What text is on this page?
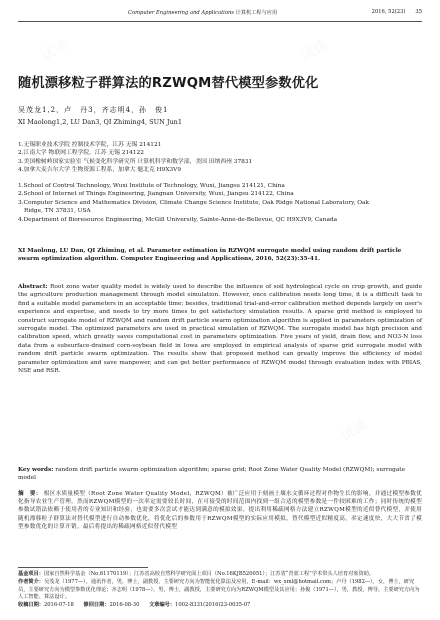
Computer Engineering and Applications 计算机工程与应用	2016, 52(23) 35
随机漂移粒子群算法的RZWQM替代模型参数优化
吴茂龙1,2，卢　丹3，齐志明4，孙　俊1
XI Maolong1,2, LU Dan3, QI Zhiming4, SUN Jun1
1.无锡职业技术学院 控制技术学院，江苏 无锡 214121
2.江南大学 物联网工程学院，江苏 无锡 214122
3.美国橡树岭国家实验室 气候变化科学研究所 计算机科学和数学部，美国 田纳西州 37831
4.加拿大麦吉尔大学 生物资源工程系，加拿大 魁北克 H9X3V9
1.School of Control Technology, Wuxi Institute of Technology, Wuxi, Jiangsu 214121, China
2.School of Internet of Things Engineering, Jiangnan University, Wuxi, Jiangsu 214122, China
3.Computer Science and Mathematics Division, Climate Change Science Institute, Oak Ridge National Laboratory, Oak
Ridge, TN 37831, USA
4.Department of Bioresource Engineering, McGill University, Sainte-Anne-de-Bellevue, QC H9X3V9, Canada
XI Maolong, LU Dan, QI Zhiming, et al. Parameter estimation in RZWQM surrogate model using random drift particle swarm optimization algorithm. Computer Engineering and Applications, 2016, 52(23):35-41.
Abstract: Root zone water quality model is widely used to describe the influence of soil hydrological cycle on crop growth, and guide the agriculture production management through model simulation. However, once calibration needs long time, it is a difficult task to find a suitable model parameters in an acceptable time; besides, traditional trial-and-error calibration method depends largely on user's experience and expertise, and needs to try more times to get satisfactory simulation results. A sparse grid method is employed to construct surrogate model of RZWQM and random drift particle swarm optimization algorithm is applied in parameters optimization of surrogate model. The optimized parameters are used in practical simulation of RZWQM. The surrogate model has high precision and calibration speed, which greatly saves computational cost in parameters optimization. Five years of yield, drain flow, and NO3-N loss data from a subsurface-drained corn-soybean field in Iowa are employed in empirical analysis of sparse grid surrogate model with random drift particle swarm optimization. The results show that proposed method can greatly improve the efficiency of model parameter optimization and save manpower, and can get better performance of RZWQM model through evaluation index with PBIAS, NSE and RSR.
Key words: random drift particle swarm optimization algorithm; sparse grid; Root Zone Water Quality Model (RZWQM); surrogate model
摘　要： 根区水质量模型（Root Zone Water Quality Model，RZWQM）被广泛应用于刻画土壤水文循环过程对作物生长的影响，并通过模型参数优化指导农业生产管理。然而RZWQM模型的一次率定需要较长时间，在可接受的时间范围内找到一组合适的模型参数是一件较困难的工作；同时传统的模型参数试错法依赖于使用者的专业知识和经验，也需要多次尝试才能达到满意的模拟效果。提出利用稀疏网格方法建立RZWQM模型的近似替代模型，并使用随机漂移粒子群算法对替代模型进行自动参数优化，将优化后的参数用于RZWQM模型的实际应用模拟。替代模型近似精度高，率定速度快，大大节省了模型参数优化的计算开销。最后将提出的稀疏网格近似替代模型
基金项目：国家自然科学基金（No.61170119）；江苏省高校自然科学研究面上项目（No.16KJB520051）；江苏省“青蓝工程”学术带头人培育对象资助。
作者简介：吴茂龙（1977—），通讯作者，男，博士，副教授，主要研究方向为智能优化算法及应用，E-mail：wx_xml@hotmail.com；卢丹（1982—），女，博士，研究员，主要研究方向为模型参数优化理论；齐志明（1978—），男，博士，副教授，主要研究方向为RZWQM模型及其应用；孙俊（1971—），男，教授，博导，主要研究方向为人工智能、算法设计。
收稿日期：2016-07-18 修回日期：2016-08-30 文章编号：1002-8331(2016)23-0035-07
